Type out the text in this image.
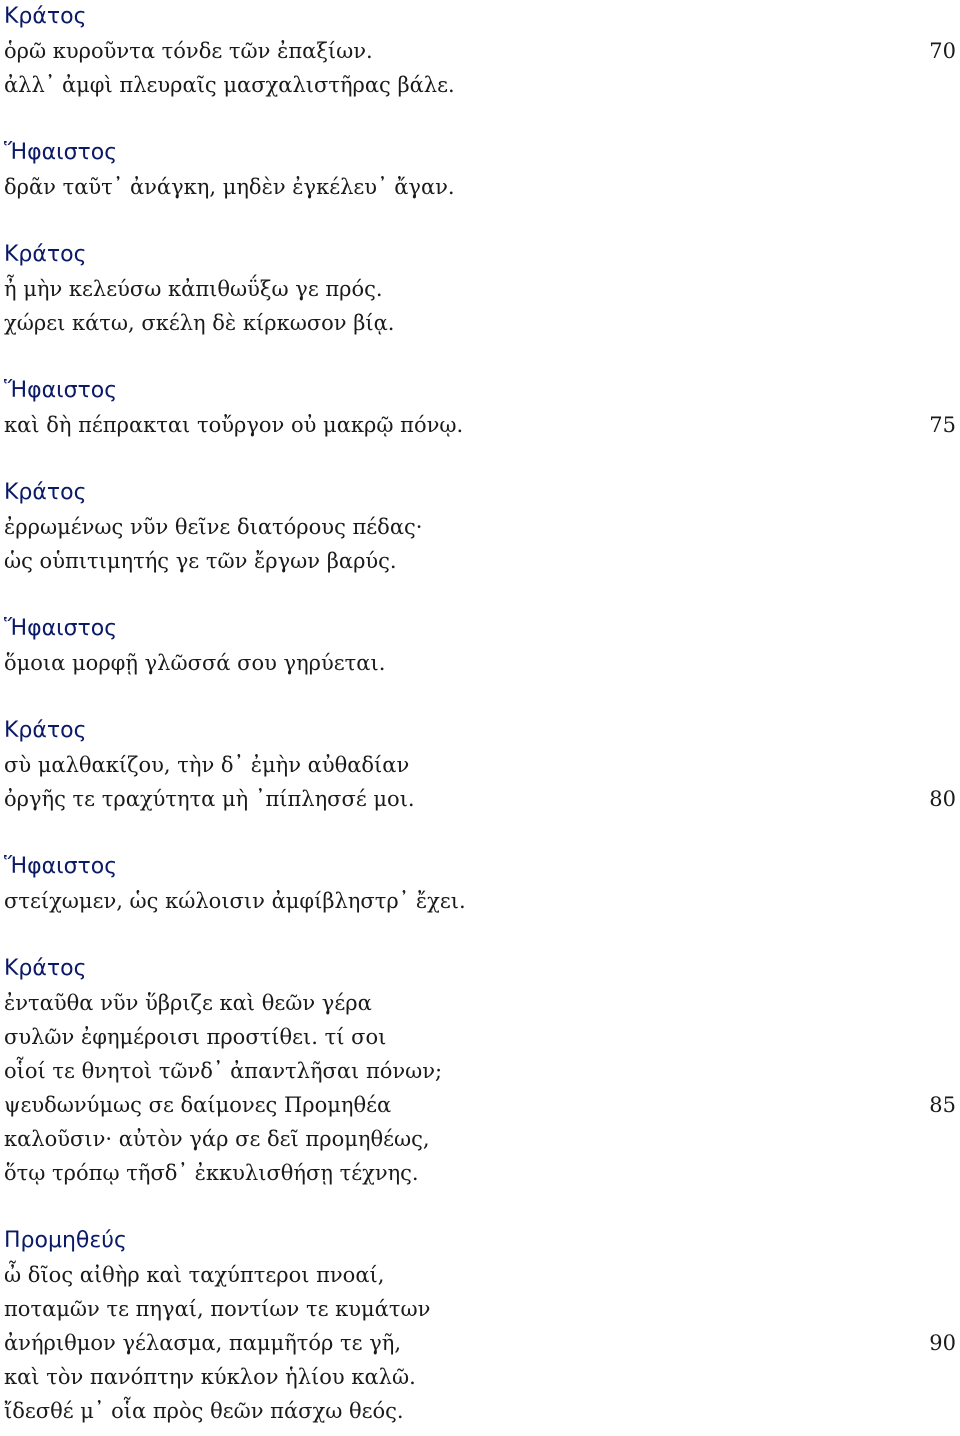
Κράτος
ὁρῶ κυροῦντα τόνδε τῶν ἐπαξίων.	70
ἀλλ᾽ ἀμφὶ πλευραῖς μασχαλιστῆρας βάλε.
Ἥφαιστος
δρᾶν ταῦτ᾽ ἀνάγκη, μηδὲν ἐγκέλευ᾽ ἄγαν.
Κράτος
ἦ μὴν κελεύσω κἀπιθωΰξω γε πρός.
χώρει κάτω, σκέλη δὲ κίρκωσον βίᾳ.
Ἥφαιστος
καὶ δὴ πέπρακται τοὔργον οὐ μακρῷ πόνῳ.	75
Κράτος
ἐρρωμένως νῦν θεῖνε διατόρους πέδας·
ὡς οὑπιτιμητής γε τῶν ἔργων βαρύς.
Ἥφαιστος
ὅμοια μορφῇ γλῶσσά σου γηρύεται.
Κράτος
σὺ μαλθακίζου, τὴν δ᾽ ἐμὴν αὐθαδίαν
ὀργῆς τε τραχύτητα μὴ ᾽πίπλησσέ μοι.	80
Ἥφαιστος
στείχωμεν, ὡς κώλοισιν ἀμφίβληστρ᾽ ἔχει.
Κράτος
ἐνταῦθα νῦν ὕβριζε καὶ θεῶν γέρα
συλῶν ἐφημέροισι προστίθει. τί σοι
οἷοί τε θνητοὶ τῶνδ᾽ ἀπαντλῆσαι πόνων;
ψευδωνύμως σε δαίμονες Προμηθέα	85
καλοῦσιν· αὐτὸν γάρ σε δεῖ προμηθέως,
ὅτῳ τρόπῳ τῆσδ᾽ ἐκκυλισθήσῃ τέχνης.
Προμηθεύς
ὦ δῖος αἰθὴρ καὶ ταχύπτεροι πνοαί,
ποταμῶν τε πηγαί, ποντίων τε κυμάτων
ἀνήριθμον γέλασμα, παμμῆτόρ τε γῆ,	90
καὶ τὸν πανόπτην κύκλον ἡλίου καλῶ.
ἴδεσθέ μ᾽ οἷα πρὸς θεῶν πάσχω θεός.
